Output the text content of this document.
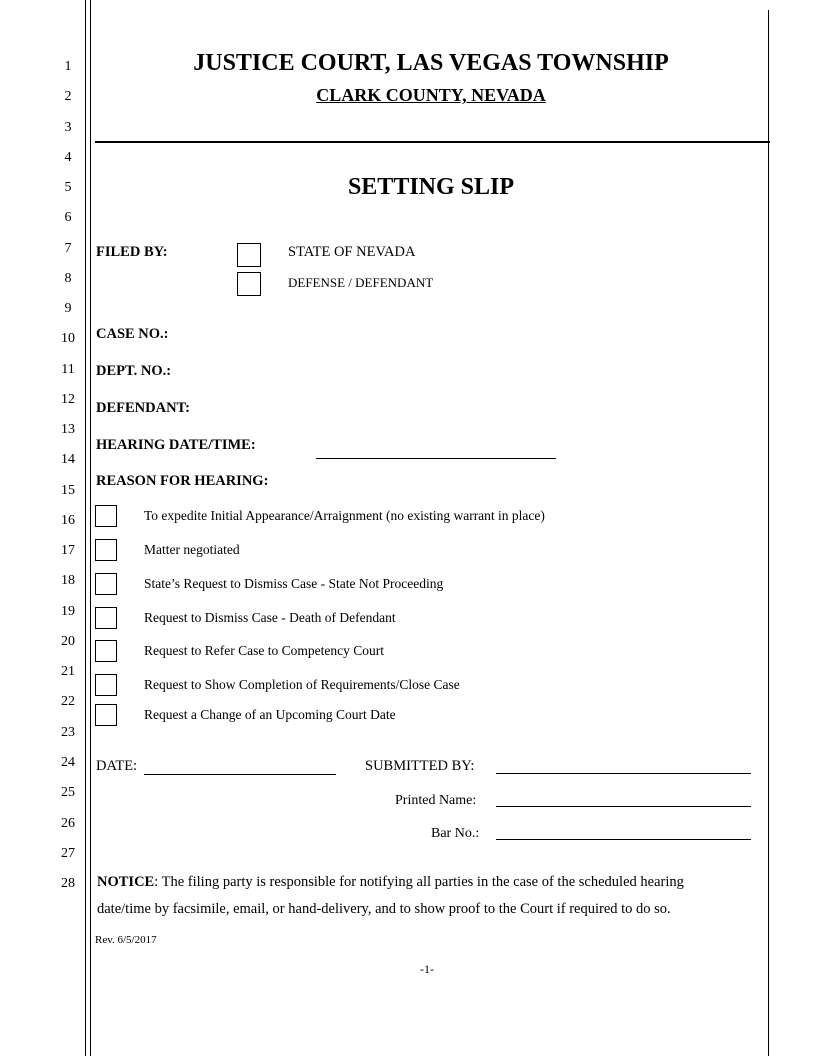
1
2
3
4
5
6
7
8
9
10
11
12
13
14
15
16
17
18
19
20
21
22
23
24
25
26
27
28
JUSTICE COURT, LAS VEGAS TOWNSHIP
CLARK COUNTY, NEVADA
SETTING SLIP
FILED BY:	STATE OF NEVADA
DEFENSE / DEFENDANT
CASE NO.:
DEPT. NO.:
DEFENDANT:
HEARING DATE/TIME:
REASON FOR HEARING:
To expedite Initial Appearance/Arraignment (no existing warrant in place)
Matter negotiated
State’s Request to Dismiss Case - State Not Proceeding
Request to Dismiss Case - Death of Defendant
Request to Refer Case to Competency Court
Request to Show Completion of Requirements/Close Case
Request a Change of an Upcoming Court Date
DATE:	SUBMITTED BY:
Printed Name:
Bar No.:
NOTICE: The filing party is responsible for notifying all parties in the case of the scheduled hearing
date/time by facsimile, email, or hand-delivery, and to show proof to the Court if required to do so.
Rev. 6/5/2017
-1-
